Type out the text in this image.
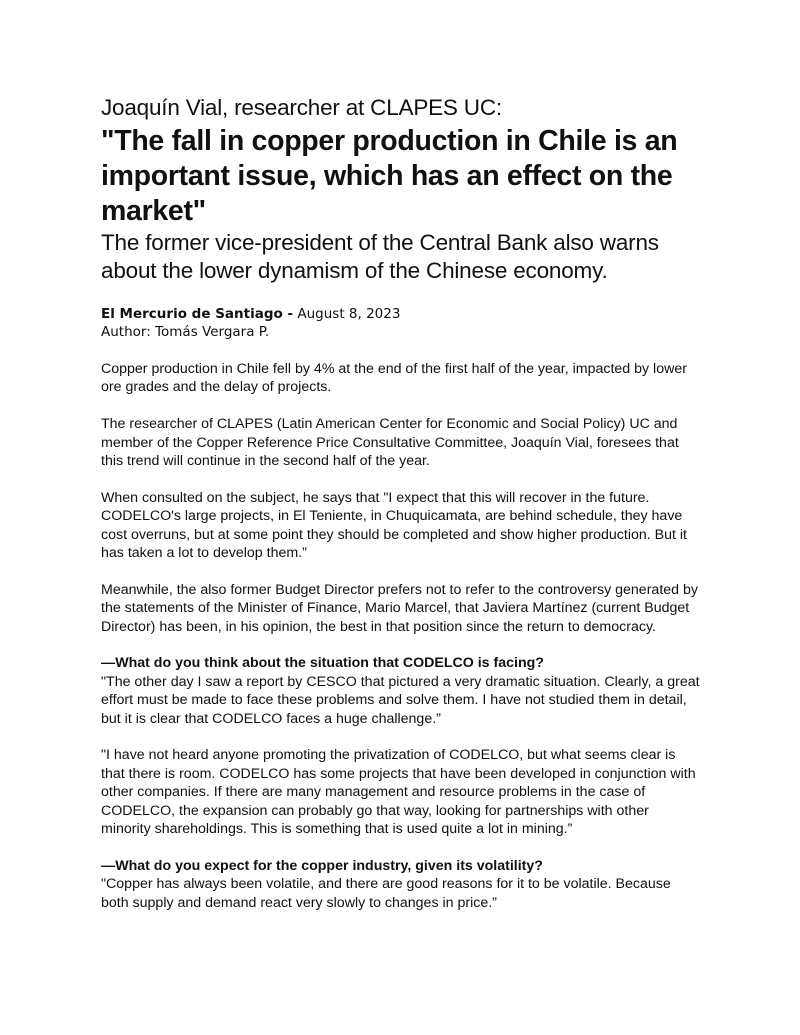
Joaquín Vial, researcher at CLAPES UC:
"The fall in copper production in Chile is an important issue, which has an effect on the market"
The former vice-president of the Central Bank also warns about the lower dynamism of the Chinese economy.
El Mercurio de Santiago - August 8, 2023
Author: Tomás Vergara P.

Copper production in Chile fell by 4% at the end of the first half of the year, impacted by lower ore grades and the delay of projects.

The researcher of CLAPES (Latin American Center for Economic and Social Policy) UC and member of the Copper Reference Price Consultative Committee, Joaquín Vial, foresees that this trend will continue in the second half of the year.

When consulted on the subject, he says that "I expect that this will recover in the future. CODELCO's large projects, in El Teniente, in Chuquicamata, are behind schedule, they have cost overruns, but at some point they should be completed and show higher production. But it has taken a lot to develop them.”

Meanwhile, the also former Budget Director prefers not to refer to the controversy generated by the statements of the Minister of Finance, Mario Marcel, that Javiera Martínez (current Budget Director) has been, in his opinion, the best in that position since the return to democracy.

—What do you think about the situation that CODELCO is facing?
"The other day I saw a report by CESCO that pictured a very dramatic situation. Clearly, a great effort must be made to face these problems and solve them. I have not studied them in detail, but it is clear that CODELCO faces a huge challenge.”

"I have not heard anyone promoting the privatization of CODELCO, but what seems clear is that there is room. CODELCO has some projects that have been developed in conjunction with other companies. If there are many management and resource problems in the case of CODELCO, the expansion can probably go that way, looking for partnerships with other minority shareholdings. This is something that is used quite a lot in mining.”

—What do you expect for the copper industry, given its volatility?
"Copper has always been volatile, and there are good reasons for it to be volatile. Because both supply and demand react very slowly to changes in price.”
